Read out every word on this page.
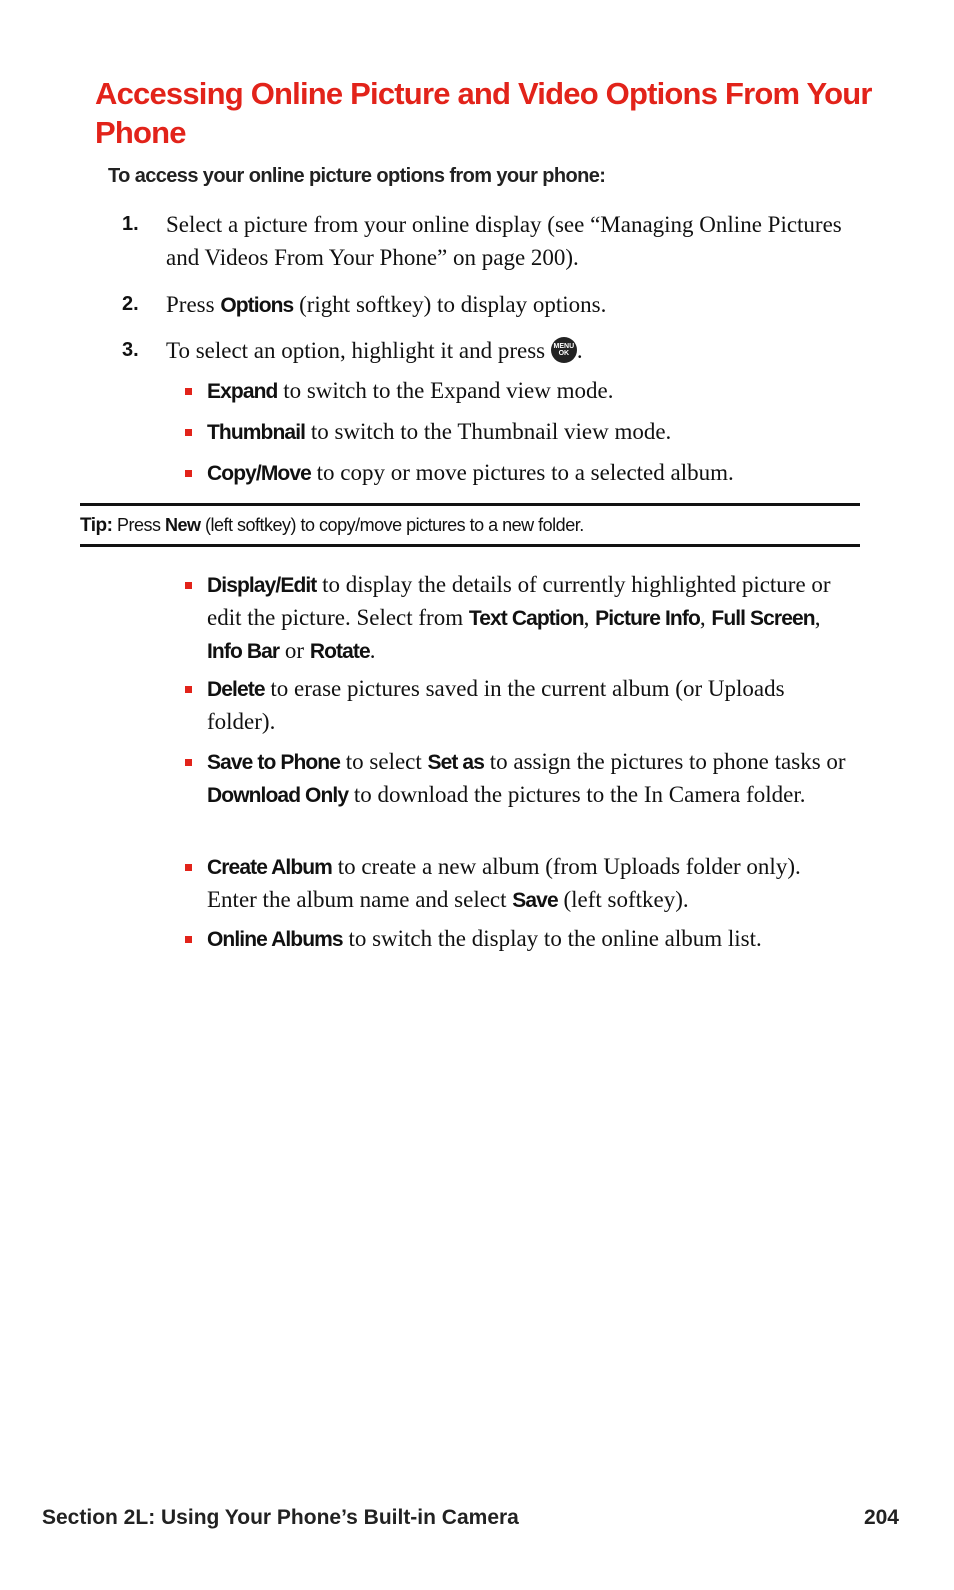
Accessing Online Picture and Video Options From Your Phone

To access your online picture options from your phone:

1. Select a picture from your online display (see “Managing Online Pictures and Videos From Your Phone” on page 200).
2. Press Options (right softkey) to display options.
3. To select an option, highlight it and press MENU
OK .
Expand to switch to the Expand view mode.
Thumbnail to switch to the Thumbnail view mode.
Copy/Move to copy or move pictures to a selected album.
Tip: Press New (left softkey) to copy/move pictures to a new folder.
Display/Edit to display the details of currently highlighted picture or edit the picture. Select from Text Caption, Picture Info, Full Screen, Info Bar or Rotate.
Delete to erase pictures saved in the current album (or Uploads folder).
Save to Phone to select Set as to assign the pictures to phone tasks or Download Only to download the pictures to the In Camera folder.
Create Album to create a new album (from Uploads folder only). Enter the album name and select Save (left softkey).
Online Albums to switch the display to the online album list.
Section 2L: Using Your Phone’s Built-in Camera	204
